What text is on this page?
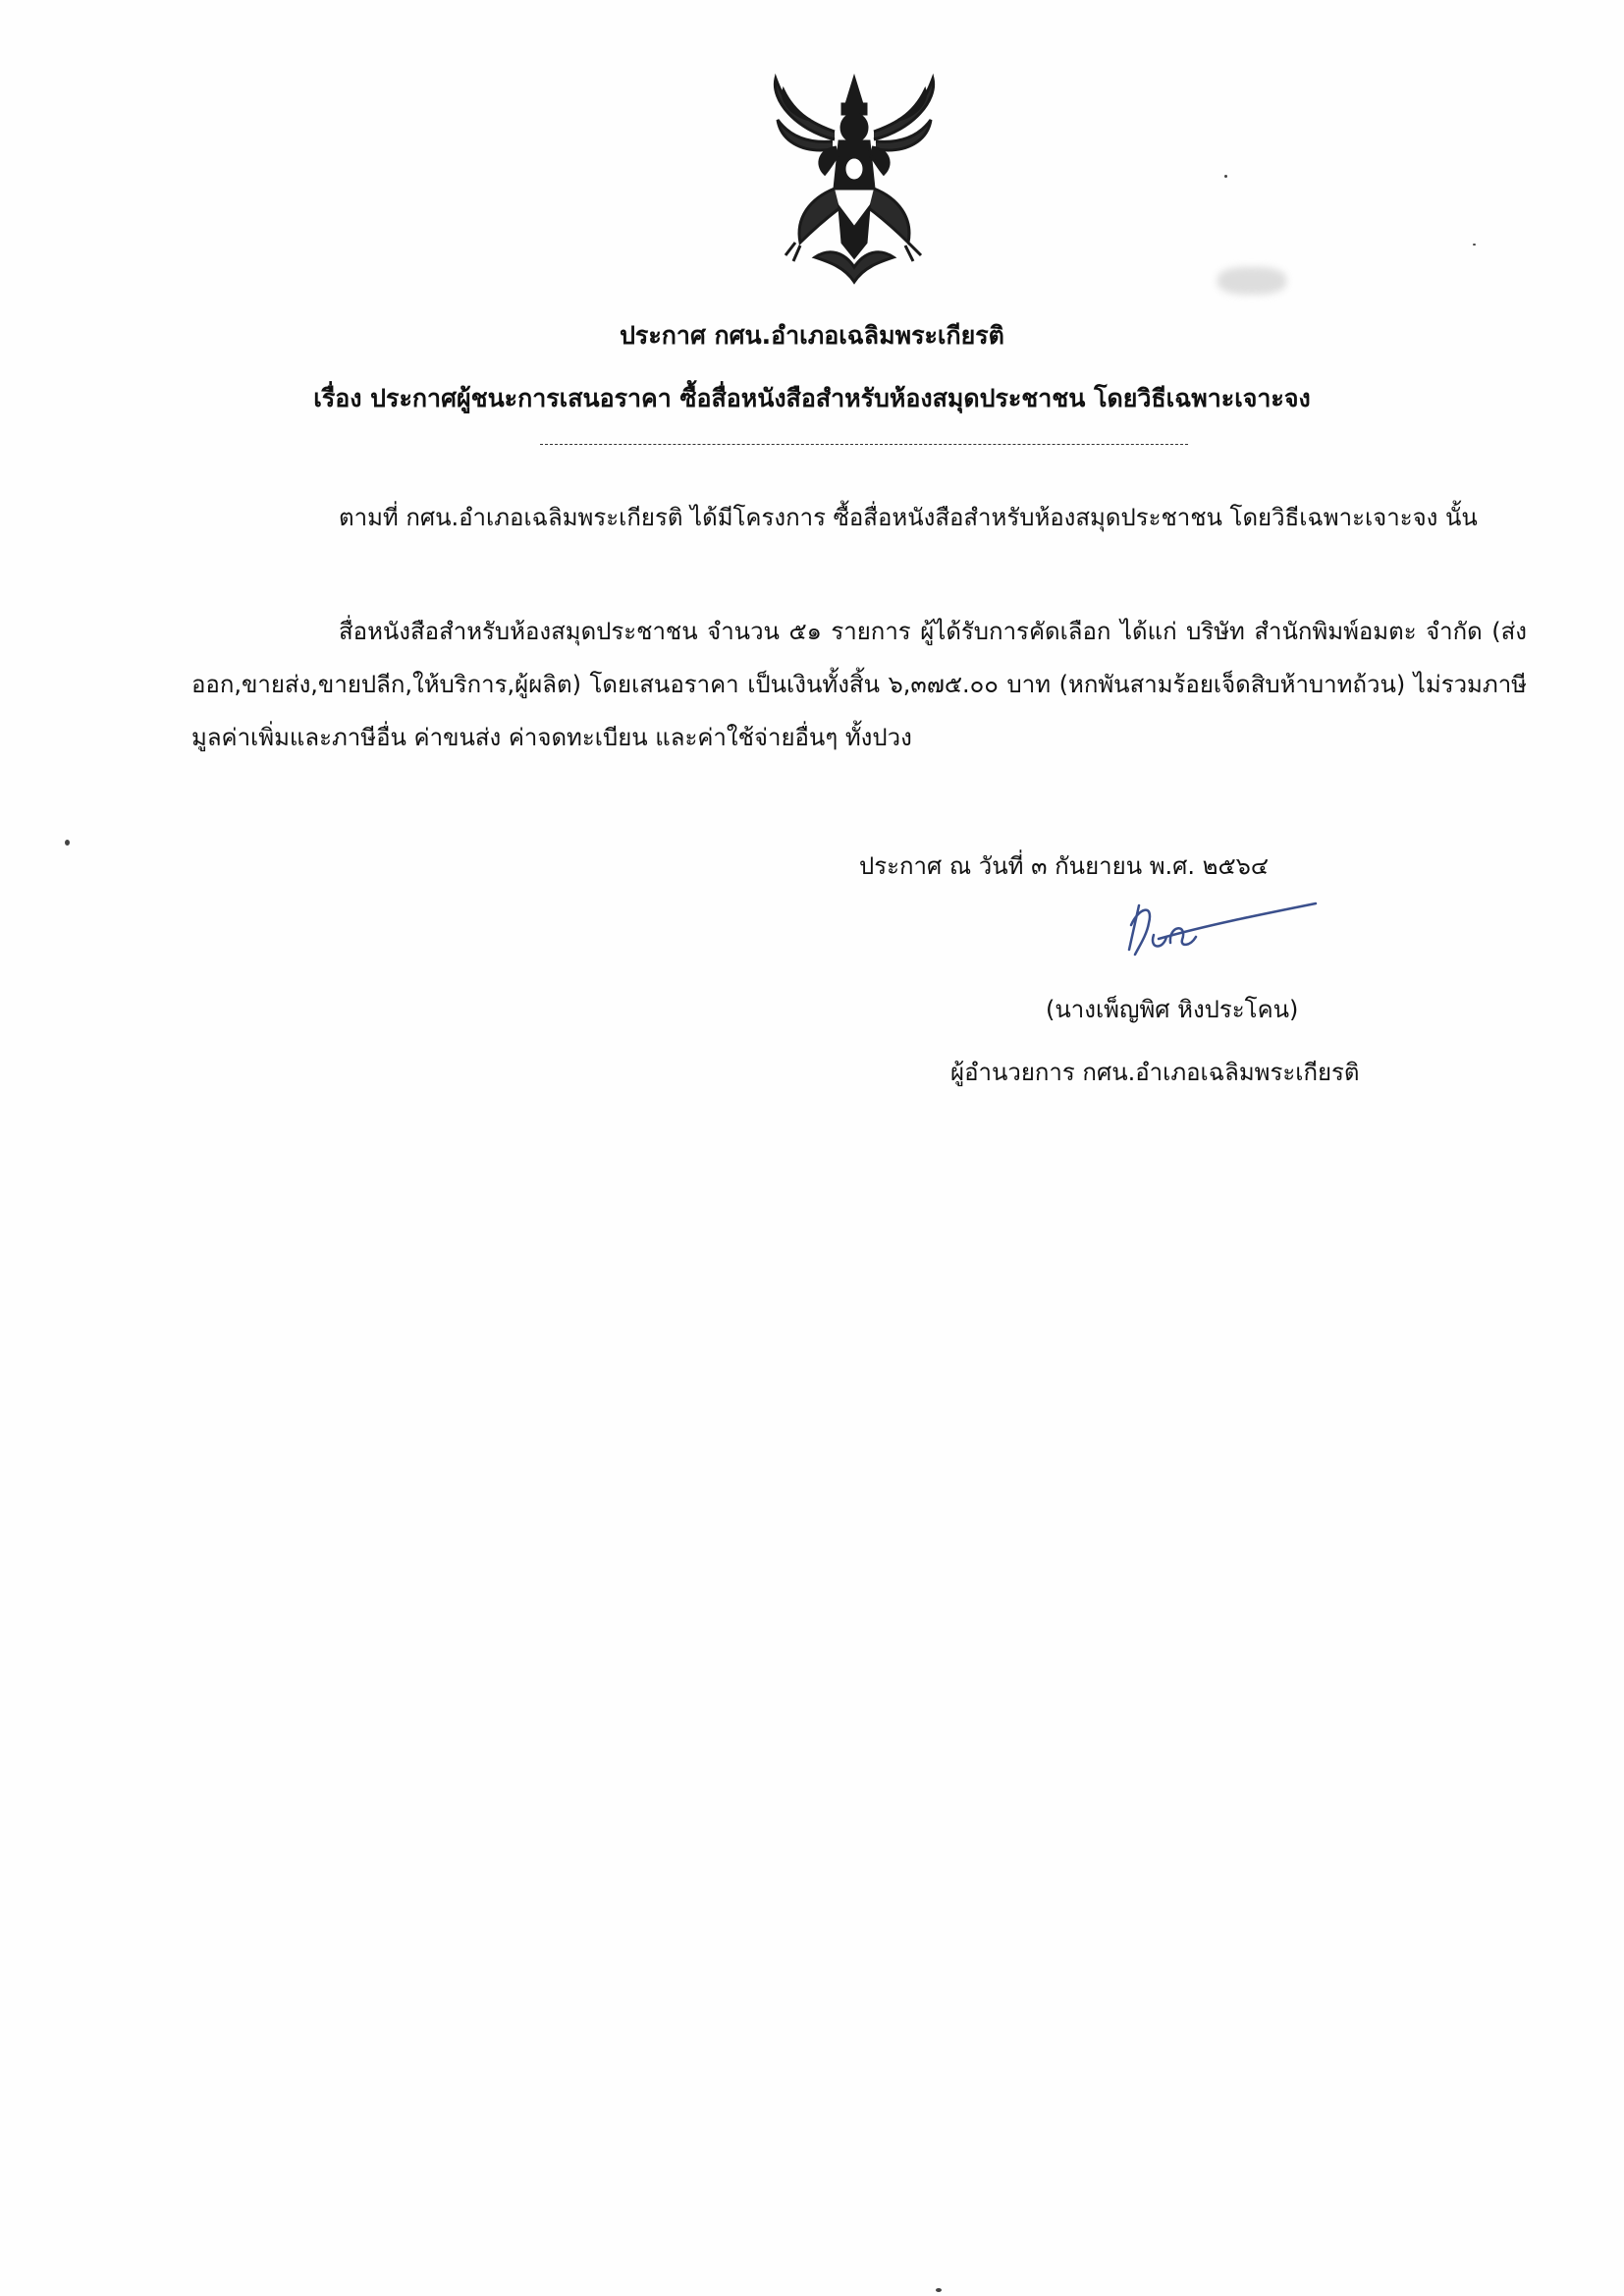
ประกาศ กศน.อำเภอเฉลิมพระเกียรติ
เรื่อง ประกาศผู้ชนะการเสนอราคา ซื้อสื่อหนังสือสำหรับห้องสมุดประชาชน โดยวิธีเฉพาะเจาะจง
ตามที่ กศน.อำเภอเฉลิมพระเกียรติ ได้มีโครงการ ซื้อสื่อหนังสือสำหรับห้องสมุดประชาชน โดยวิธีเฉพาะเจาะจง นั้น
สื่อหนังสือสำหรับห้องสมุดประชาชน จำนวน ๕๑ รายการ ผู้ได้รับการคัดเลือก ได้แก่ บริษัท สำนักพิมพ์อมตะ จำกัด (ส่งออก,ขายส่ง,ขายปลีก,ให้บริการ,ผู้ผลิต) โดยเสนอราคา เป็นเงินทั้งสิ้น ๖,๓๗๕.๐๐ บาท (หกพันสามร้อยเจ็ดสิบห้าบาทถ้วน) ไม่รวมภาษีมูลค่าเพิ่มและภาษีอื่น ค่าขนส่ง ค่าจดทะเบียน และค่าใช้จ่ายอื่นๆ ทั้งปวง
ประกาศ ณ วันที่ ๓ กันยายน พ.ศ. ๒๕๖๔
(นางเพ็ญพิศ หิงประโคน)
ผู้อำนวยการ กศน.อำเภอเฉลิมพระเกียรติ
